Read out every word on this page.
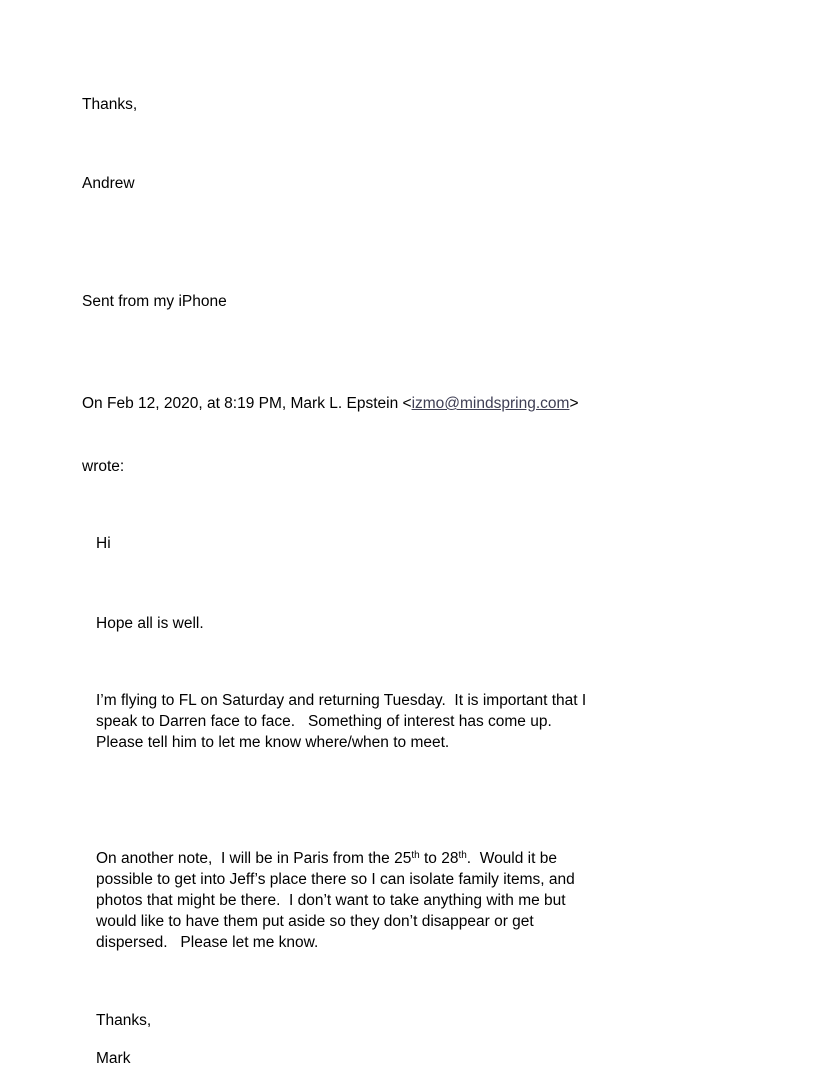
Thanks,
Andrew
Sent from my iPhone

On Feb 12, 2020, at 8:19 PM, Mark L. Epstein <izmo@mindspring.com>

wrote:

Hi
Hope all is well.
I’m flying to FL on Saturday and returning Tuesday.  It is important that I
speak to Darren face to face.   Something of interest has come up.
Please tell him to let me know where/when to meet.
On another note,  I will be in Paris from the 25th to 28th.  Would it be
possible to get into Jeff’s place there so I can isolate family items, and
photos that might be there.  I don’t want to take anything with me but
would like to have them put aside so they don’t disappear or get
dispersed.   Please let me know.
Thanks,
Mark
